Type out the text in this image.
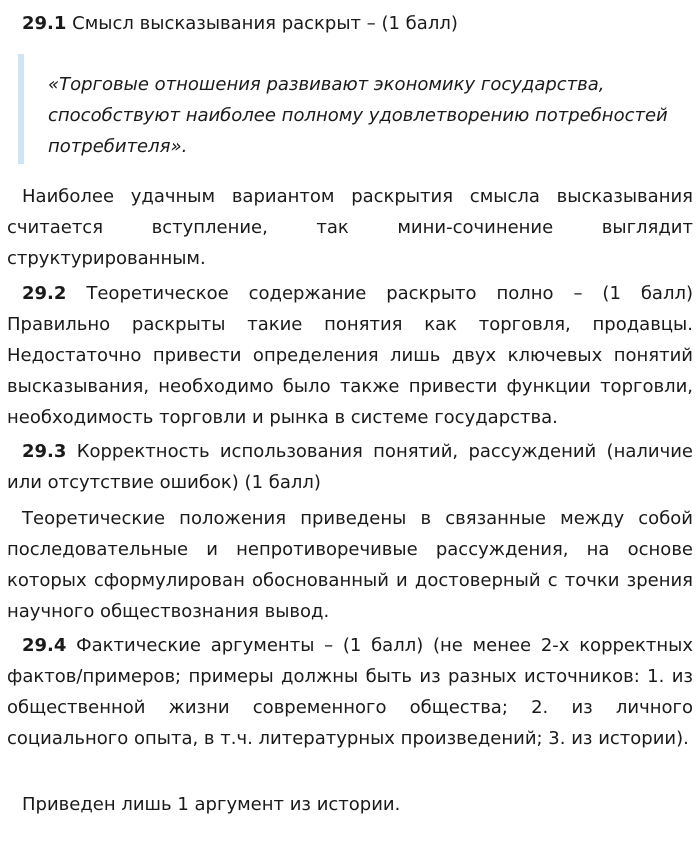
29.1 Смысл высказывания раскрыт – (1 балл)

«Торговые отношения развивают экономику государства, способствуют наиболее полному удовлетворению потребностей потребителя».

Наиболее удачным вариантом раскрытия смысла высказывания считается вступление, так мини-сочинение выглядит структурированным.

29.2 Теоретическое содержание раскрыто полно – (1 балл) Правильно раскрыты такие понятия как торговля, продавцы. Недостаточно привести определения лишь двух ключевых понятий высказывания, необходимо было также привести функции торговли, необходимость торговли и рынка в системе государства.

29.3 Корректность использования понятий, рассуждений (наличие или отсутствие ошибок) (1 балл)

Теоретические положения приведены в связанные между собой последовательные и непротиворечивые рассуждения, на основе которых сформулирован обоснованный и достоверный с точки зрения научного обществознания вывод.

29.4 Фактические аргументы – (1 балл) (не менее 2-х корректных фактов/примеров; примеры должны быть из разных источников: 1. из общественной жизни современного общества; 2. из личного социального опыта, в т.ч. литературных произведений; 3. из истории).

Приведен лишь 1 аргумент из истории.
